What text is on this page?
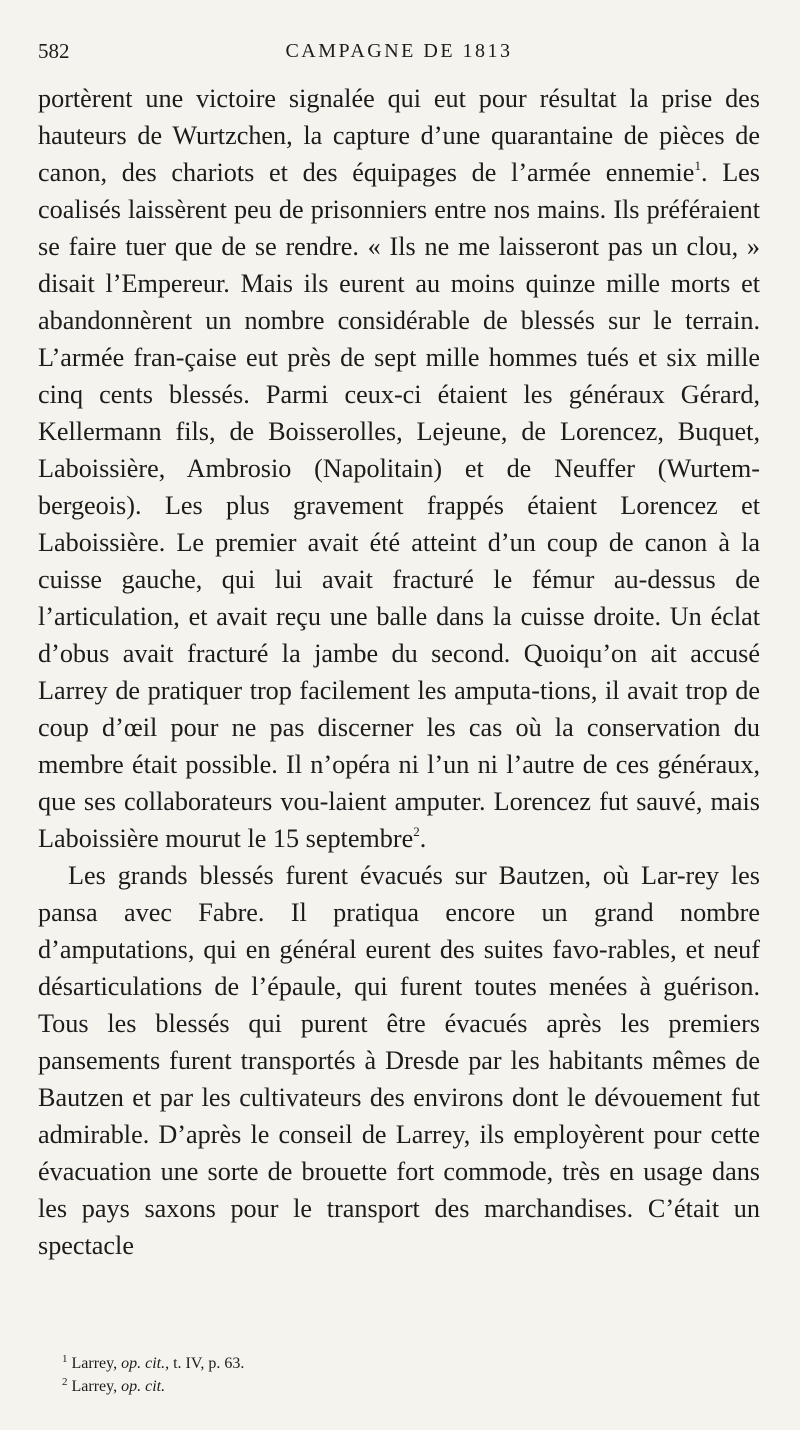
582	CAMPAGNE DE 1813

portèrent une victoire signalée qui eut pour résultat la prise des hauteurs de Wurtzchen, la capture d’une quarantaine de pièces de canon, des chariots et des équipages de l’armée ennemie$^1$. Les coalisés laissèrent peu de prisonniers entre nos mains. Ils préféraient se faire tuer que de se rendre. « Ils ne me laisseront pas un clou, » disait l’Empereur. Mais ils eurent au moins quinze mille morts et abandonnèrent un nombre considérable de blessés sur le terrain. L’armée fran-çaise eut près de sept mille hommes tués et six mille cinq cents blessés. Parmi ceux-ci étaient les généraux Gérard, Kellermann fils, de Boisserolles, Lejeune, de Lorencez, Buquet, Laboissière, Ambrosio (Napolitain) et de Neuffer (Wurtem-bergeois). Les plus gravement frappés étaient Lorencez et Laboissière. Le premier avait été atteint d’un coup de canon à la cuisse gauche, qui lui avait fracturé le fémur au-dessus de l’articulation, et avait reçu une balle dans la cuisse droite. Un éclat d’obus avait fracturé la jambe du second. Quoiqu’on ait accusé Larrey de pratiquer trop facilement les amputa-tions, il avait trop de coup d’œil pour ne pas discerner les cas où la conservation du membre était possible. Il n’opéra ni l’un ni l’autre de ces généraux, que ses collaborateurs vou-laient amputer. Lorencez fut sauvé, mais Laboissière mourut le 15 septembre$^2$.

Les grands blessés furent évacués sur Bautzen, où Lar-rey les pansa avec Fabre. Il pratiqua encore un grand nombre d’amputations, qui en général eurent des suites favo-rables, et neuf désarticulations de l’épaule, qui furent toutes menées à guérison. Tous les blessés qui purent être évacués après les premiers pansements furent transportés à Dresde par les habitants mêmes de Bautzen et par les cultivateurs des environs dont le dévouement fut admirable. D’après le conseil de Larrey, ils employèrent pour cette évacuation une sorte de brouette fort commode, très en usage dans les pays saxons pour le transport des marchandises. C’était un spectacle

$^1$ Larrey, op. cit., t. IV, p. 63.
$^2$ Larrey, op. cit.
